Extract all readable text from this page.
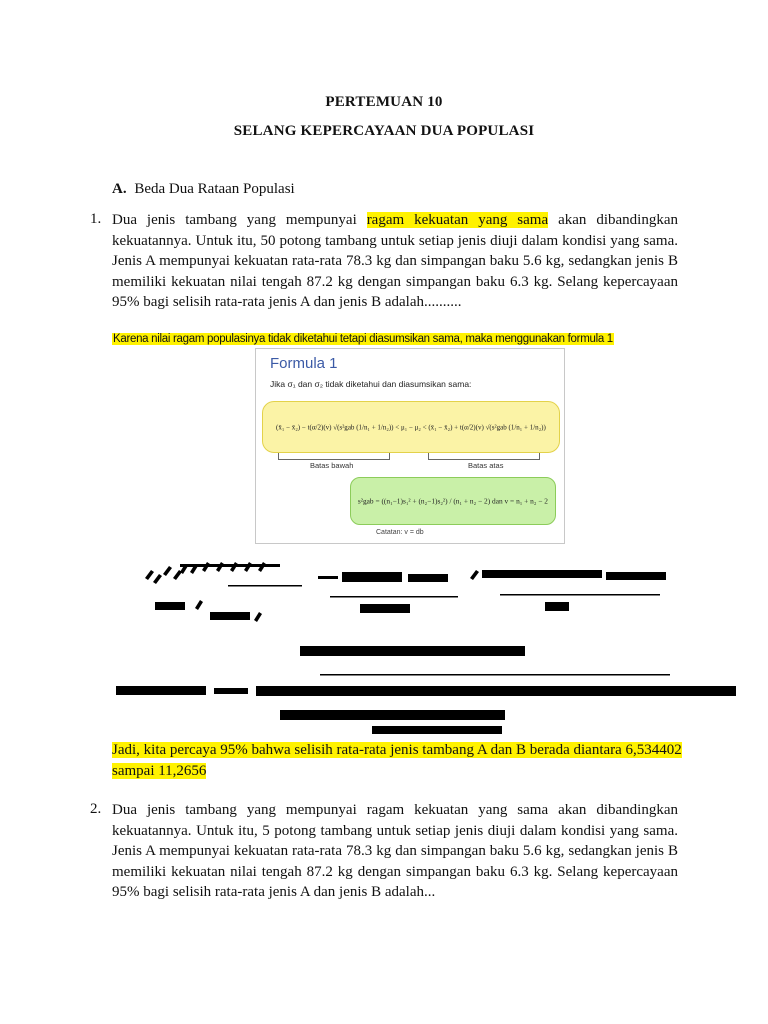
PERTEMUAN 10
SELANG KEPERCAYAAN DUA POPULASI
A. Beda Dua Rataan Populasi
1. Dua jenis tambang yang mempunyai ragam kekuatan yang sama akan dibandingkan kekuatannya. Untuk itu, 50 potong tambang untuk setiap jenis diuji dalam kondisi yang sama. Jenis A mempunyai kekuatan rata-rata 78.3 kg dan simpangan baku 5.6 kg, sedangkan jenis B memiliki kekuatan nilai tengah 87.2 kg dengan simpangan baku 6.3 kg. Selang kepercayaan 95% bagi selisih rata-rata jenis A dan jenis B adalah..........
Karena nilai ragam populasinya tidak diketahui tetapi diasumsikan sama, maka menggunakan formula 1
Formula 1
Jika σ₁ dan σ₂ tidak diketahui dan diasumsikan sama:
(x̄₁ − x̄₂) − t(α/2)(v) √(s²gab (1/n₁ + 1/n₂)) < μ₁ − μ₂ < (x̄₁ − x̄₂) + t(α/2)(v) √(s²gab (1/n₁ + 1/n₂))
Batas bawah	Batas atas
s²gab = ((n₁−1)s₁² + (n₂−1)s₂²) / (n₁ + n₂ − 2) dan v = n₁ + n₂ − 2
Catatan: v = db
Jadi, kita percaya 95% bahwa selisih rata-rata jenis tambang A dan B berada diantara 6,534402 sampai 11,2656
2. Dua jenis tambang yang mempunyai ragam kekuatan yang sama akan dibandingkan kekuatannya. Untuk itu, 5 potong tambang untuk setiap jenis diuji dalam kondisi yang sama. Jenis A mempunyai kekuatan rata-rata 78.3 kg dan simpangan baku 5.6 kg, sedangkan jenis B memiliki kekuatan nilai tengah 87.2 kg dengan simpangan baku 6.3 kg. Selang kepercayaan 95% bagi selisih rata-rata jenis A dan jenis B adalah...
